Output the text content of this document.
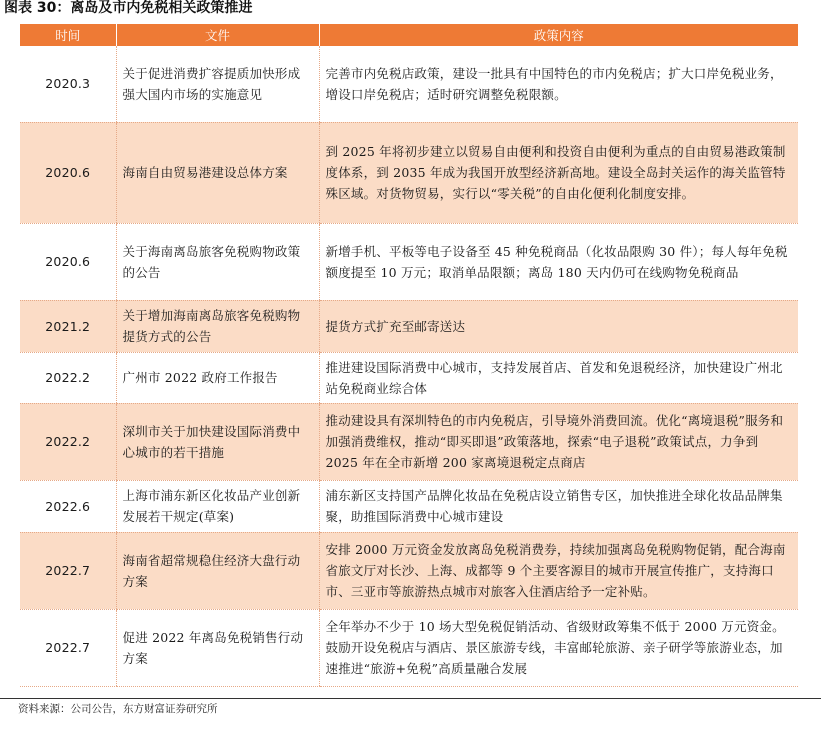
图表 30：离岛及市内免税相关政策推进
时间	文件	政策内容
2020.3	关于促进消费扩容提质加快形成强大国内市场的实施意见	完善市内免税店政策，建设一批具有中国特色的市内免税店；扩大口岸免税业务，增设口岸免税店；适时研究调整免税限额。
2020.6	海南自由贸易港建设总体方案	到 2025 年将初步建立以贸易自由便利和投资自由便利为重点的自由贸易港政策制度体系，到 2035 年成为我国开放型经济新高地。建设全岛封关运作的海关监管特殊区域。对货物贸易，实行以“零关税”的自由化便利化制度安排。
2020.6	关于海南离岛旅客免税购物政策的公告	新增手机、平板等电子设备至 45 种免税商品（化妆品限购 30 件）；每人每年免税额度提至 10 万元；取消单品限额；离岛 180 天内仍可在线购物免税商品
2021.2	关于增加海南离岛旅客免税购物提货方式的公告	提货方式扩充至邮寄送达
2022.2	广州市 2022 政府工作报告	推进建设国际消费中心城市，支持发展首店、首发和免退税经济，加快建设广州北站免税商业综合体
2022.2	深圳市关于加快建设国际消费中心城市的若干措施	推动建设具有深圳特色的市内免税店，引导境外消费回流。优化“离境退税”服务和加强消费维权，推动“即买即退”政策落地，探索“电子退税”政策试点，力争到 2025 年在全市新增 200 家离境退税定点商店
2022.6	上海市浦东新区化妆品产业创新发展若干规定(草案)	浦东新区支持国产品牌化妆品在免税店设立销售专区，加快推进全球化妆品品牌集聚，助推国际消费中心城市建设
2022.7	海南省超常规稳住经济大盘行动方案	安排 2000 万元资金发放离岛免税消费券，持续加强离岛免税购物促销，配合海南省旅文厅对长沙、上海、成都等 9 个主要客源目的城市开展宣传推广，支持海口市、三亚市等旅游热点城市对旅客入住酒店给予一定补贴。
2022.7	促进 2022 年离岛免税销售行动方案	全年举办不少于 10 场大型免税促销活动、省级财政筹集不低于 2000 万元资金。鼓励开设免税店与酒店、景区旅游专线，丰富邮轮旅游、亲子研学等旅游业态，加速推进“旅游+免税”高质量融合发展
资料来源：公司公告，东方财富证券研究所
